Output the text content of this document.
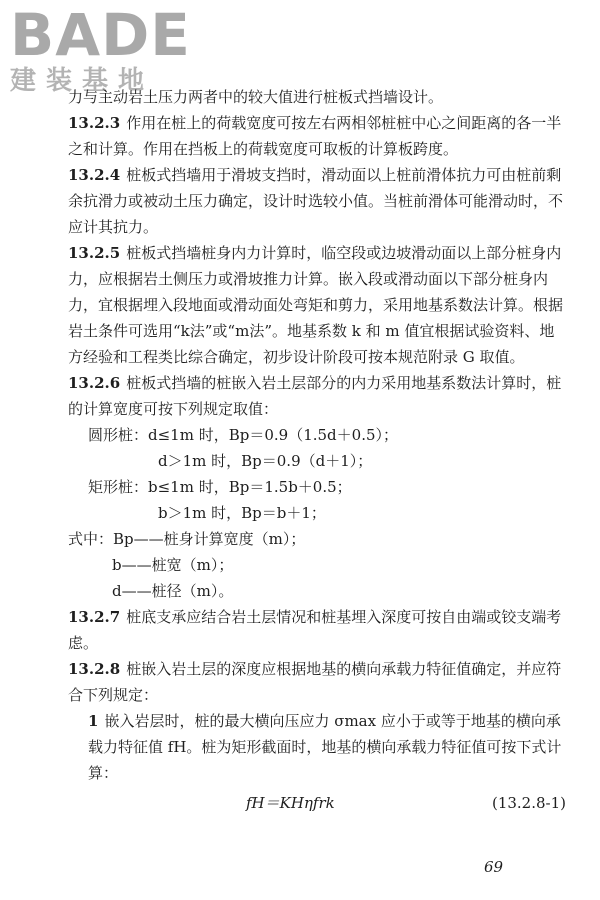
BADE
建装基地

力与主动岩土压力两者中的较大值进行桩板式挡墙设计。

13.2.3 作用在桩上的荷载宽度可按左右两相邻桩桩中心之间距离的各一半之和计算。作用在挡板上的荷载宽度可取板的计算板跨度。

13.2.4 桩板式挡墙用于滑坡支挡时，滑动面以上桩前滑体抗力可由桩前剩余抗滑力或被动土压力确定，设计时选较小值。当桩前滑体可能滑动时，不应计其抗力。

13.2.5 桩板式挡墙桩身内力计算时，临空段或边坡滑动面以上部分桩身内力，应根据岩土侧压力或滑坡推力计算。嵌入段或滑动面以下部分桩身内力，宜根据埋入段地面或滑动面处弯矩和剪力，采用地基系数法计算。根据岩土条件可选用“k法”或“m法”。地基系数 k 和 m 值宜根据试验资料、地方经验和工程类比综合确定，初步设计阶段可按本规范附录 G 取值。

13.2.6 桩板式挡墙的桩嵌入岩土层部分的内力采用地基系数法计算时，桩的计算宽度可按下列规定取值：

圆形桩：d≤1m 时，Bp＝0.9（1.5d＋0.5）；
d＞1m 时，Bp＝0.9（d＋1）；
矩形桩：b≤1m 时，Bp＝1.5b＋0.5；
b＞1m 时，Bp＝b＋1；
式中：Bp——桩身计算宽度（m）；
b——桩宽（m）；
d——桩径（m）。

13.2.7 桩底支承应结合岩土层情况和桩基埋入深度可按自由端或铰支端考虑。

13.2.8 桩嵌入岩土层的深度应根据地基的横向承载力特征值确定，并应符合下列规定：

1 嵌入岩层时，桩的最大横向压应力 σmax 应小于或等于地基的横向承载力特征值 fH。桩为矩形截面时，地基的横向承载力特征值可按下式计算：

fH＝KHηfrk	(13.2.8-1)
69
